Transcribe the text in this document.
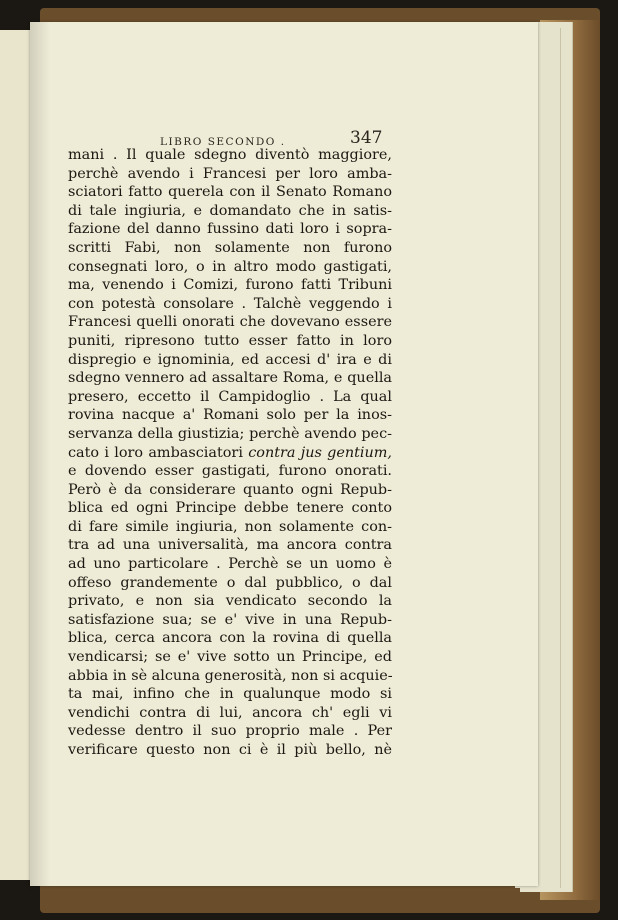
LIBRO SECONDO .	347
mani . Il quale sdegno diventò maggiore,
perchè avendo i Francesi per loro amba-
sciatori fatto querela con il Senato Romano
di tale ingiuria, e domandato che in satis-
fazione del danno fussino dati loro i sopra-
scritti Fabi, non solamente non furono
consegnati loro, o in altro modo gastigati,
ma, venendo i Comizi, furono fatti Tribuni
con potestà consolare . Talchè veggendo i
Francesi quelli onorati che dovevano essere
puniti, ripresono tutto esser fatto in loro
dispregio e ignominia, ed accesi d' ira e di
sdegno vennero ad assaltare Roma, e quella
presero, eccetto il Campidoglio . La qual
rovina nacque a' Romani solo per la inos-
servanza della giustizia; perchè avendo pec-
cato i loro ambasciatori contra jus gentium,
e dovendo esser gastigati, furono onorati.
Però è da considerare quanto ogni Repub-
blica ed ogni Principe debbe tenere conto
di fare simile ingiuria, non solamente con-
tra ad una universalità, ma ancora contra
ad uno particolare . Perchè se un uomo è
offeso grandemente o dal pubblico, o dal
privato, e non sia vendicato secondo la
satisfazione sua; se e' vive in una Repub-
blica, cerca ancora con la rovina di quella
vendicarsi; se e' vive sotto un Principe, ed
abbia in sè alcuna generosità, non si acquie-
ta mai, infino che in qualunque modo si
vendichi contra di lui, ancora ch' egli vi
vedesse dentro il suo proprio male . Per
verificare questo non ci è il più bello, nè
